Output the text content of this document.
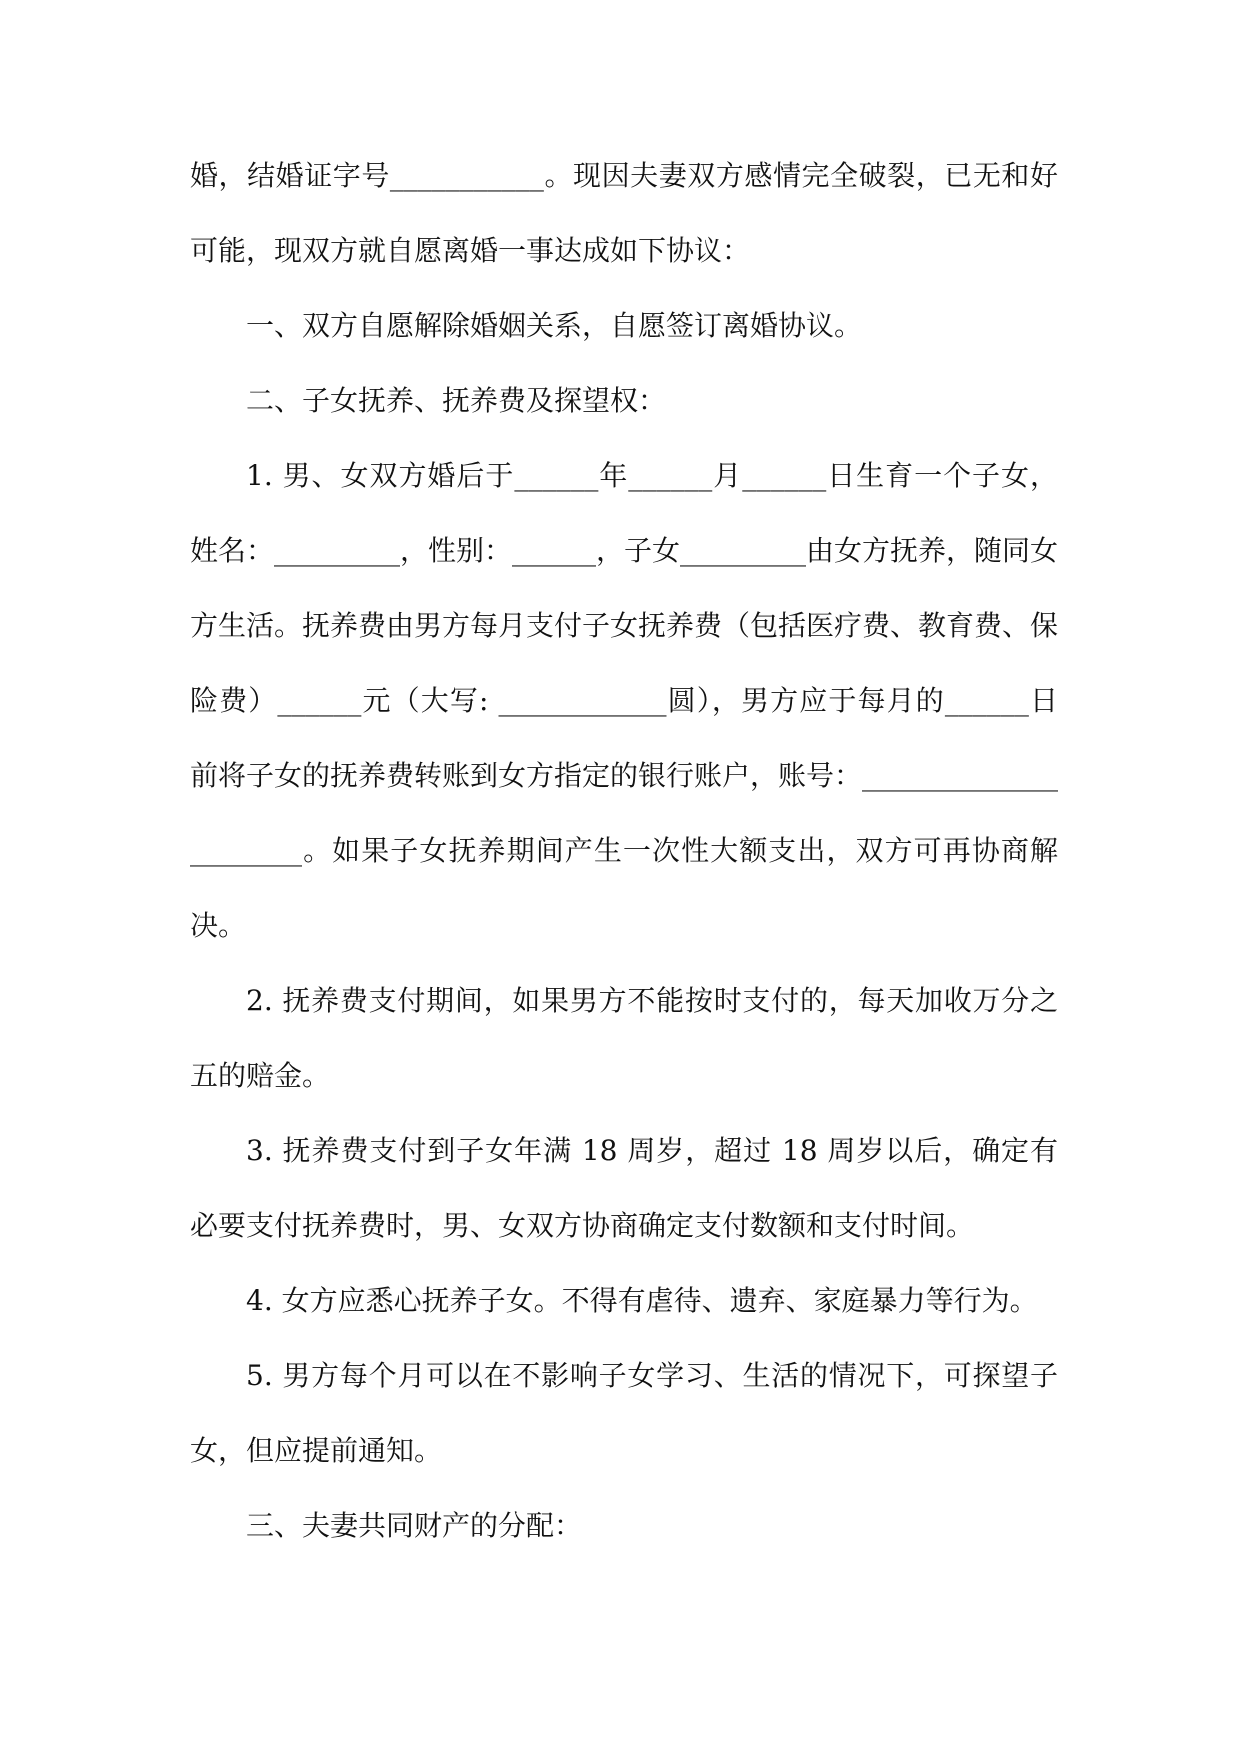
婚，结婚证字号___________。现因夫妻双方感情完全破裂，已无和好可能，现双方就自愿离婚一事达成如下协议：

一、双方自愿解除婚姻关系，自愿签订离婚协议。

二、子女抚养、抚养费及探望权：

1. 男、女双方婚后于______年______月______日生育一个子女，姓名：_________，性别：______，子女_________由女方抚养，随同女方生活。抚养费由男方每月支付子女抚养费（包括医疗费、教育费、保险费）______元（大写: ____________圆），男方应于每月的______日前将子女的抚养费转账到女方指定的银行账户，账号：______________________。如果子女抚养期间产生一次性大额支出，双方可再协商解决。

2. 抚养费支付期间，如果男方不能按时支付的，每天加收万分之五的赔金。

3. 抚养费支付到子女年满 18 周岁，超过 18 周岁以后，确定有必要支付抚养费时，男、女双方协商确定支付数额和支付时间。

4. 女方应悉心抚养子女。不得有虐待、遗弃、家庭暴力等行为。

5. 男方每个月可以在不影响子女学习、生活的情况下，可探望子女，但应提前通知。

三、夫妻共同财产的分配：
